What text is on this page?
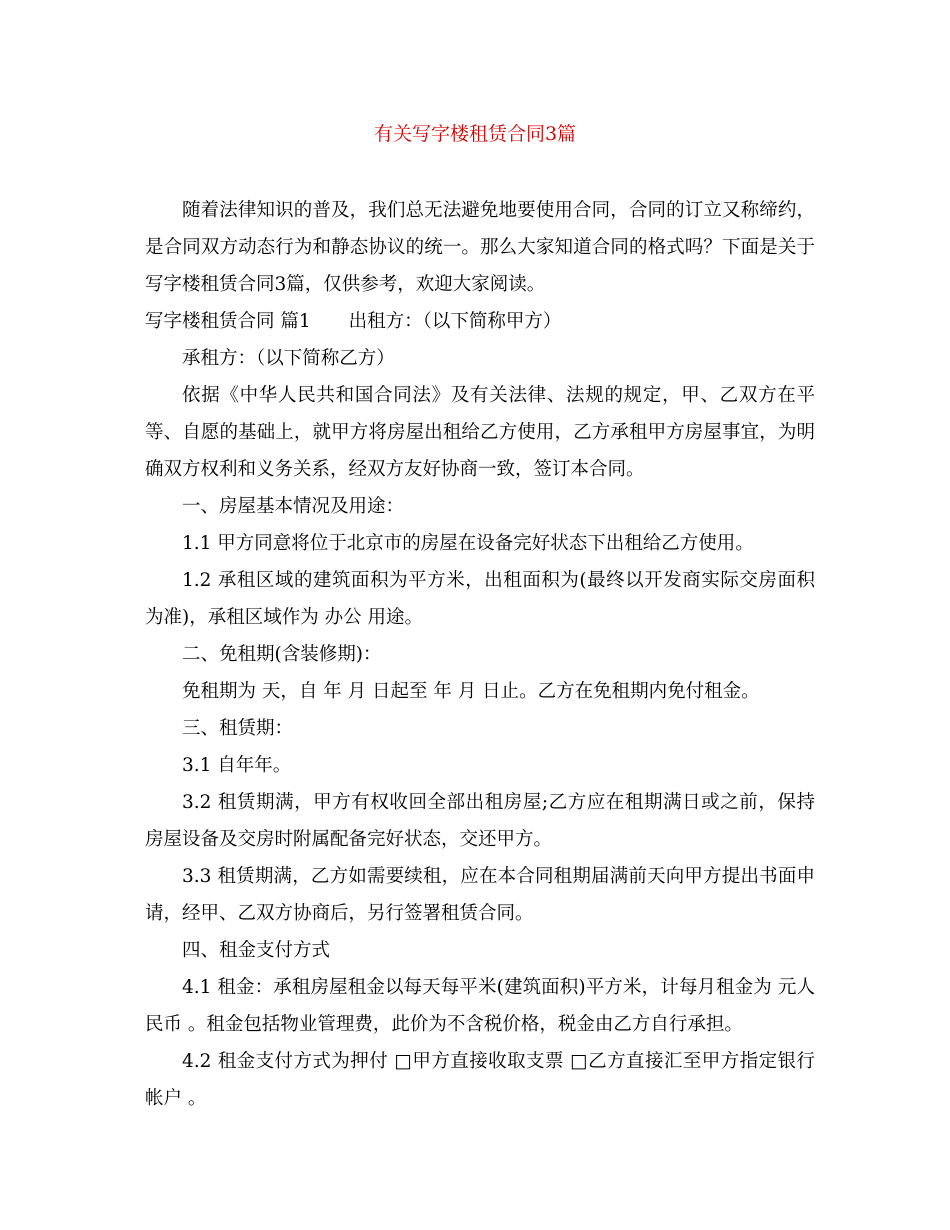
有关写字楼租赁合同3篇

随着法律知识的普及，我们总无法避免地要使用合同，合同的订立又称缔约，是合同双方动态行为和静态协议的统一。那么大家知道合同的格式吗？下面是关于写字楼租赁合同3篇，仅供参考，欢迎大家阅读。

写字楼租赁合同 篇1 出租方：（以下简称甲方）

承租方：（以下简称乙方）

依据《中华人民共和国合同法》及有关法律、法规的规定，甲、乙双方在平等、自愿的基础上，就甲方将房屋出租给乙方使用，乙方承租甲方房屋事宜，为明确双方权利和义务关系，经双方友好协商一致，签订本合同。

一、房屋基本情况及用途：

1.1 甲方同意将位于北京市的房屋在设备完好状态下出租给乙方使用。

1.2 承租区域的建筑面积为平方米，出租面积为(最终以开发商实际交房面积为准)，承租区域作为 办公 用途。

二、免租期(含装修期)：

免租期为 天，自 年 月 日起至 年 月 日止。乙方在免租期内免付租金。

三、租赁期：

3.1 自年年。

3.2 租赁期满，甲方有权收回全部出租房屋;乙方应在租期满日或之前，保持房屋设备及交房时附属配备完好状态，交还甲方。

3.3 租赁期满，乙方如需要续租，应在本合同租期届满前天向甲方提出书面申请，经甲、乙双方协商后，另行签署租赁合同。

四、租金支付方式

4.1 租金：承租房屋租金以每天每平米(建筑面积)平方米，计每月租金为 元人民币 。租金包括物业管理费，此价为不含税价格，税金由乙方自行承担。

4.2 租金支付方式为押付 □甲方直接收取支票 □乙方直接汇至甲方指定银行帐户 。
